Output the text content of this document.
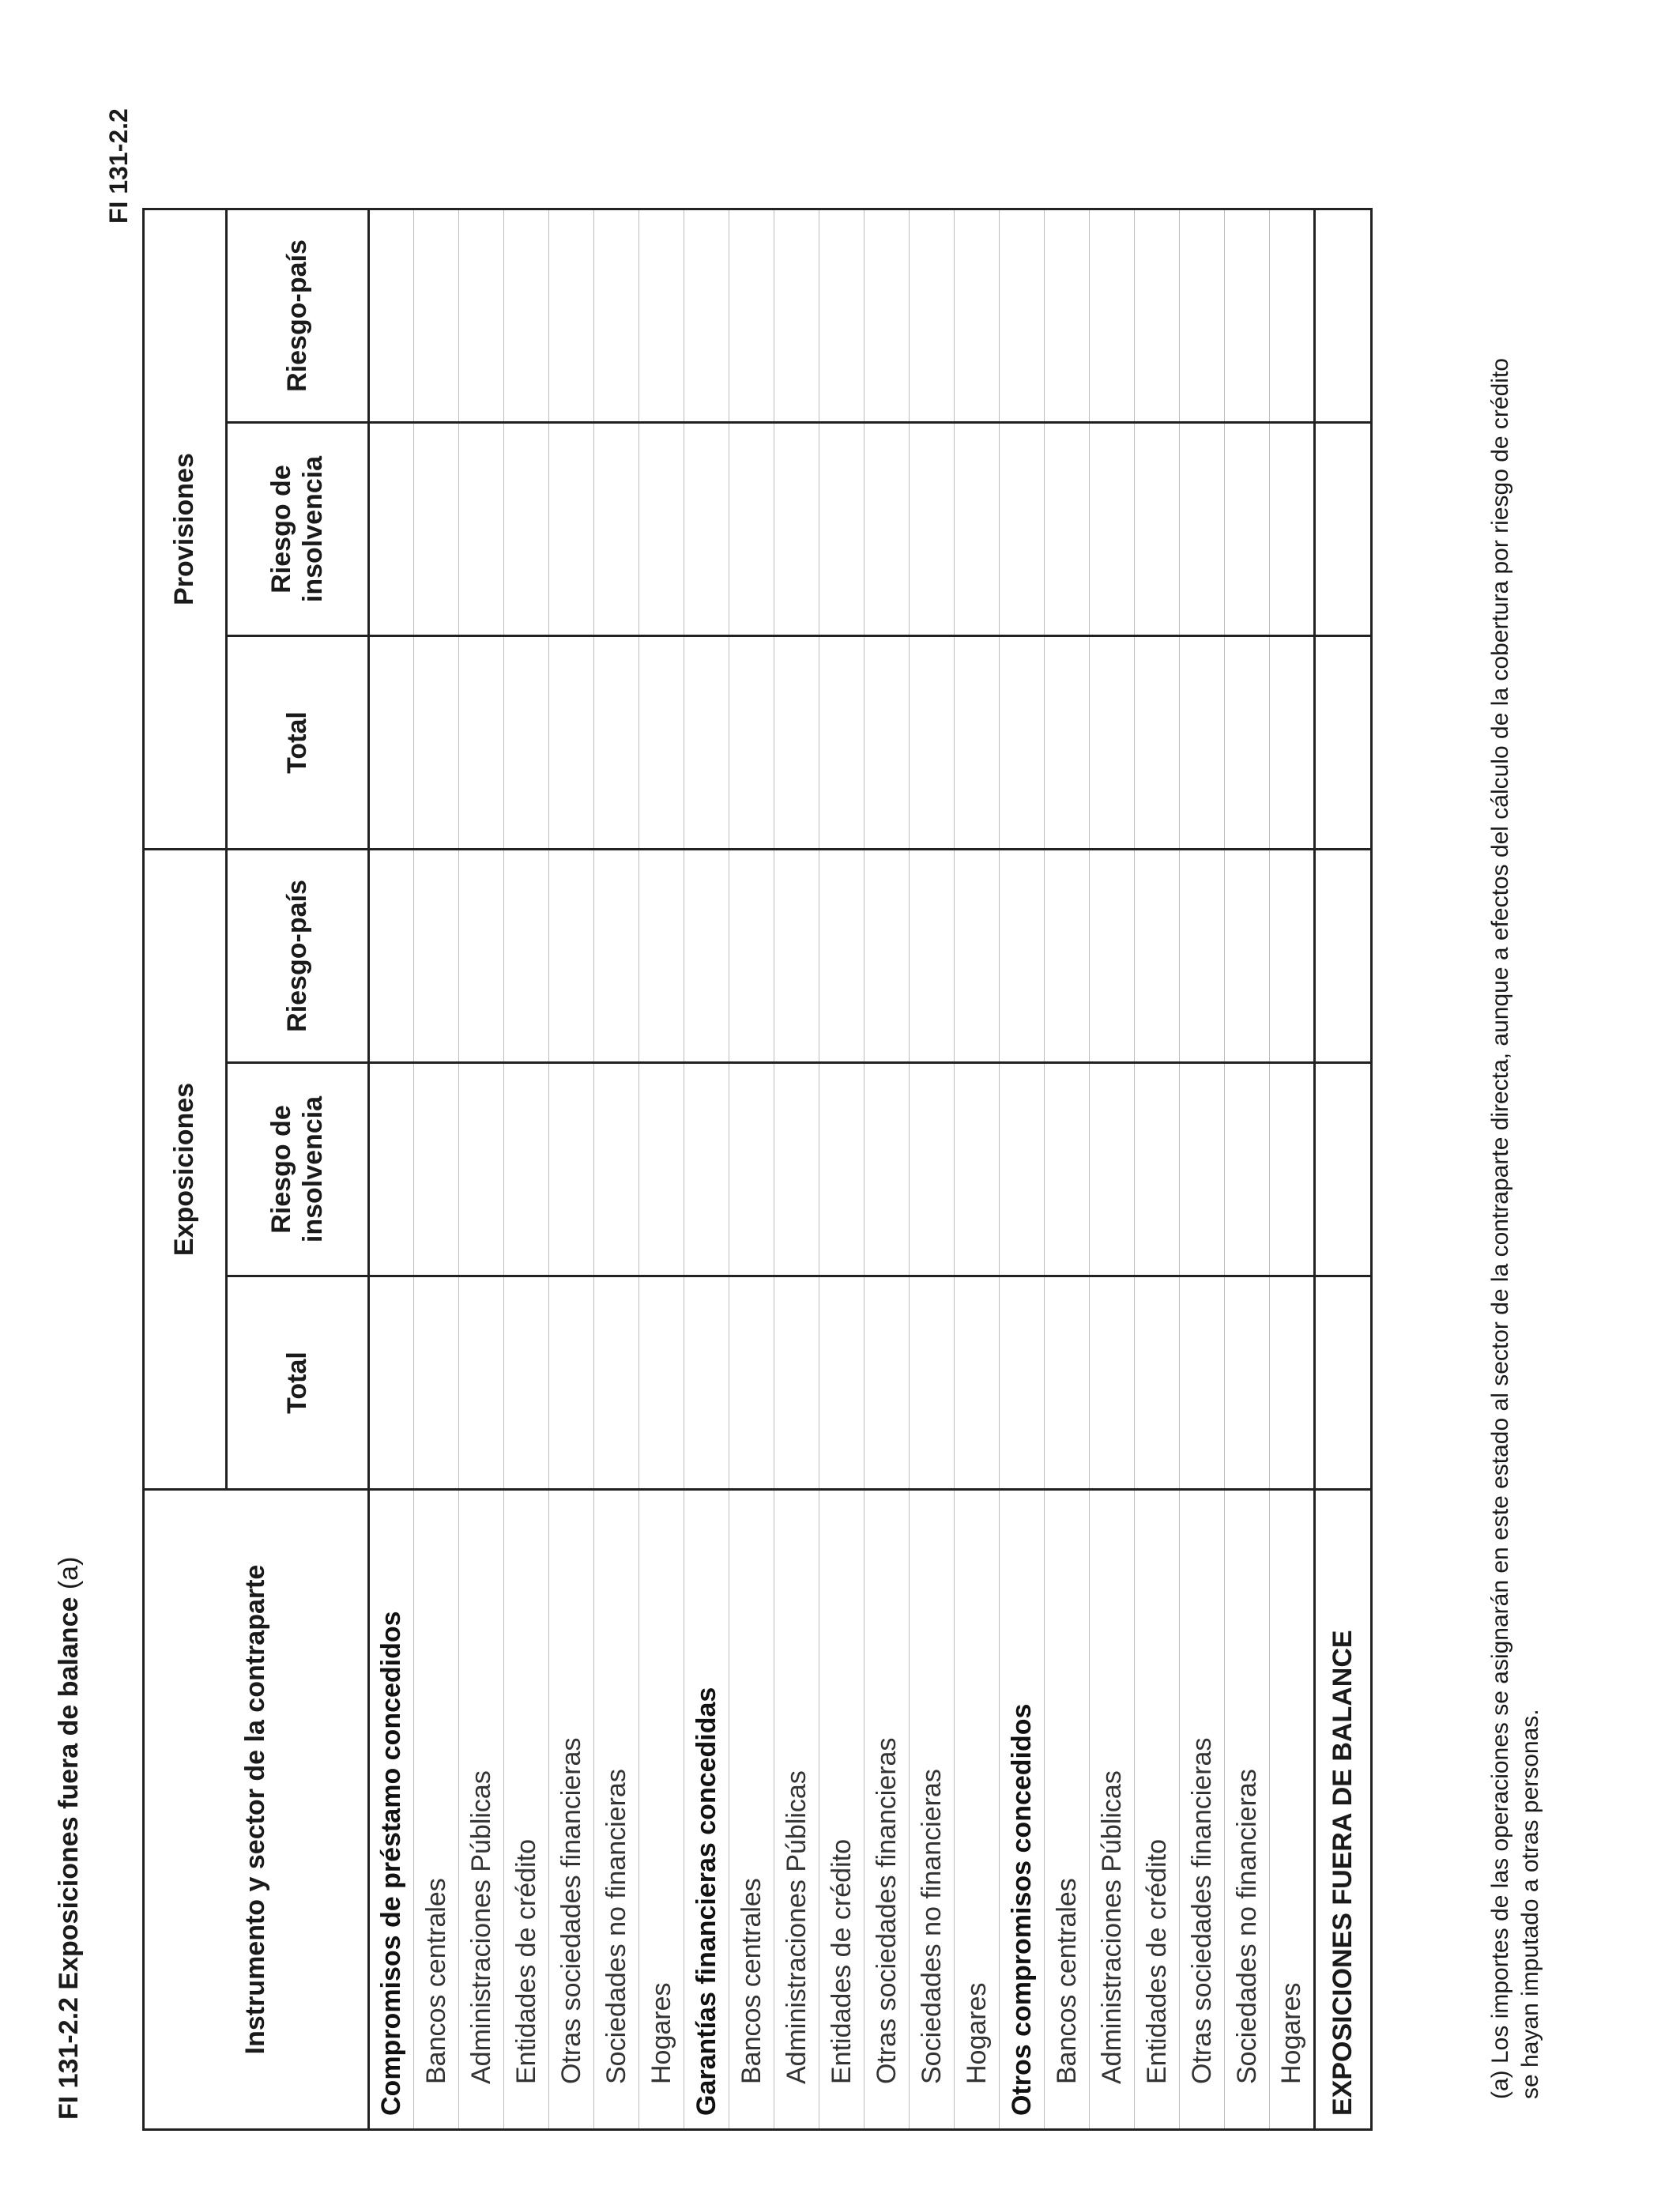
FI 131-2.2
FI 131-2.2 Exposiciones fuera de balance (a)	Instrumento y sector de la contraparte	Exposiciones			Provisiones		
	Total	Riesgo de insolvencia	Riesgo-país	Total	Riesgo de insolvencia	Riesgo-país
Compromisos de préstamo concedidos						
Bancos centrales						
Administraciones Públicas						
Entidades de crédito						
Otras sociedades financieras						
Sociedades no financieras						
Hogares						
Garantías financieras concedidas						
Bancos centrales						
Administraciones Públicas						
Entidades de crédito						
Otras sociedades financieras						
Sociedades no financieras						
Hogares						
Otros compromisos concedidos						
Bancos centrales						
Administraciones Públicas						
Entidades de crédito						
Otras sociedades financieras						
Sociedades no financieras						
Hogares						
EXPOSICIONES FUERA DE BALANCE							(a) Los importes de las operaciones se asignarán en este estado al sector de la contraparte directa, aunque a efectos del cálculo de la cobertura por riesgo de crédito se hayan imputado a otras personas.
